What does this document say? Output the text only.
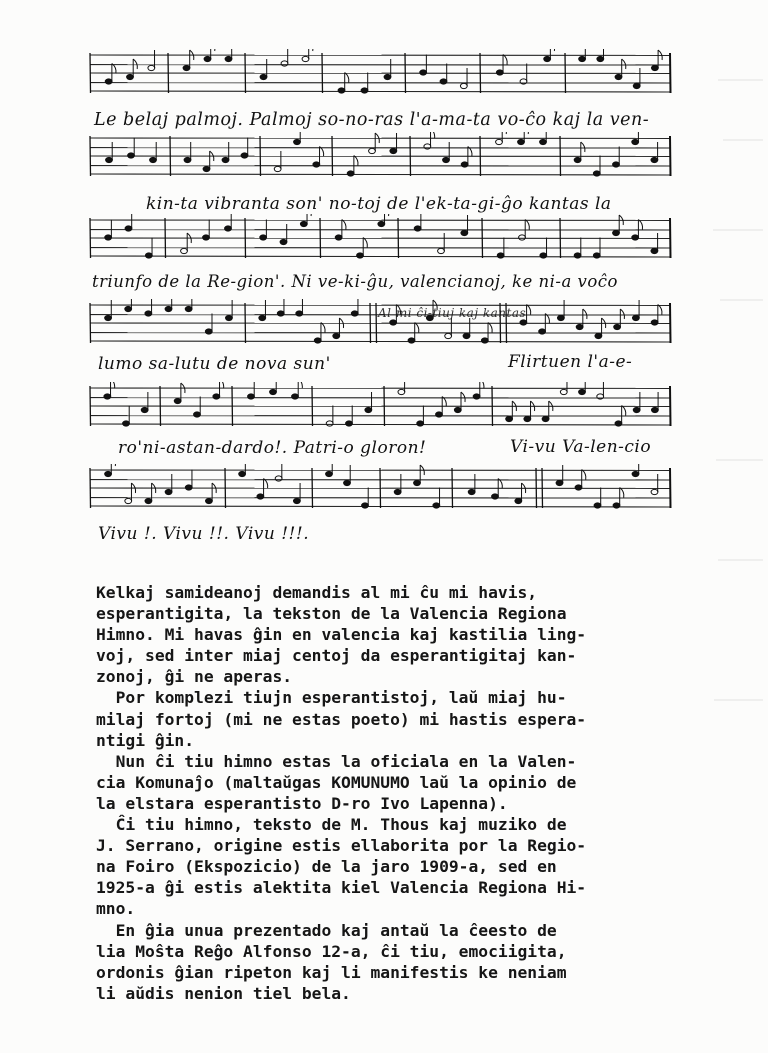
Le belaj palmoj. Palmoj so-no-ras l'a-ma-ta vo-ĉo kaj la ven-
kin-ta vibranta son' no-toj de l'ek-ta-gi-ĝo kantas la
triunfo de la Re-gion'. Ni ve-ki-ĝu, valencianoj, ke ni-a voĉo
lumo sa-lutu de nova sun'	Flirtuen l'a-e-
ro'ni-astan-dardo!. Patri-o gloron!	Vi-vu Va-len-cio
Vivu !. Vivu !!. Vivu !!!.
Al mi ĉi-tiuj kaj kantas

Kelkaj samideanoj demandis al mi ĉu mi havis,

esperantigita, la tekston de la Valencia Regiona

Himno. Mi havas ĝin en valencia kaj kastilia ling-

voj, sed inter miaj centoj da esperantigitaj kan-

zonoj, ĝi ne aperas.

Por komplezi tiujn esperantistoj, laŭ miaj hu-

milaj fortoj (mi ne estas poeto) mi hastis espera-

ntigi ĝin.

Nun ĉi tiu himno estas la oficiala en la Valen-

cia Komunaĵo (maltaŭgas KOMUNUMO laŭ la opinio de

la elstara esperantisto D-ro Ivo Lapenna).

Ĉi tiu himno, teksto de M. Thous kaj muziko de

J. Serrano, origine estis ellaborita por la Regio-

na Foiro (Ekspozicio) de la jaro 1909-a, sed en

1925-a ĝi estis alektita kiel Valencia Regiona Hi-

mno.

En ĝia unua prezentado kaj antaŭ la ĉeesto de

lia Moŝta Reĝo Alfonso 12-a, ĉi tiu, emociigita,

ordonis ĝian ripeton kaj li manifestis ke neniam

li aŭdis nenion tiel bela.
